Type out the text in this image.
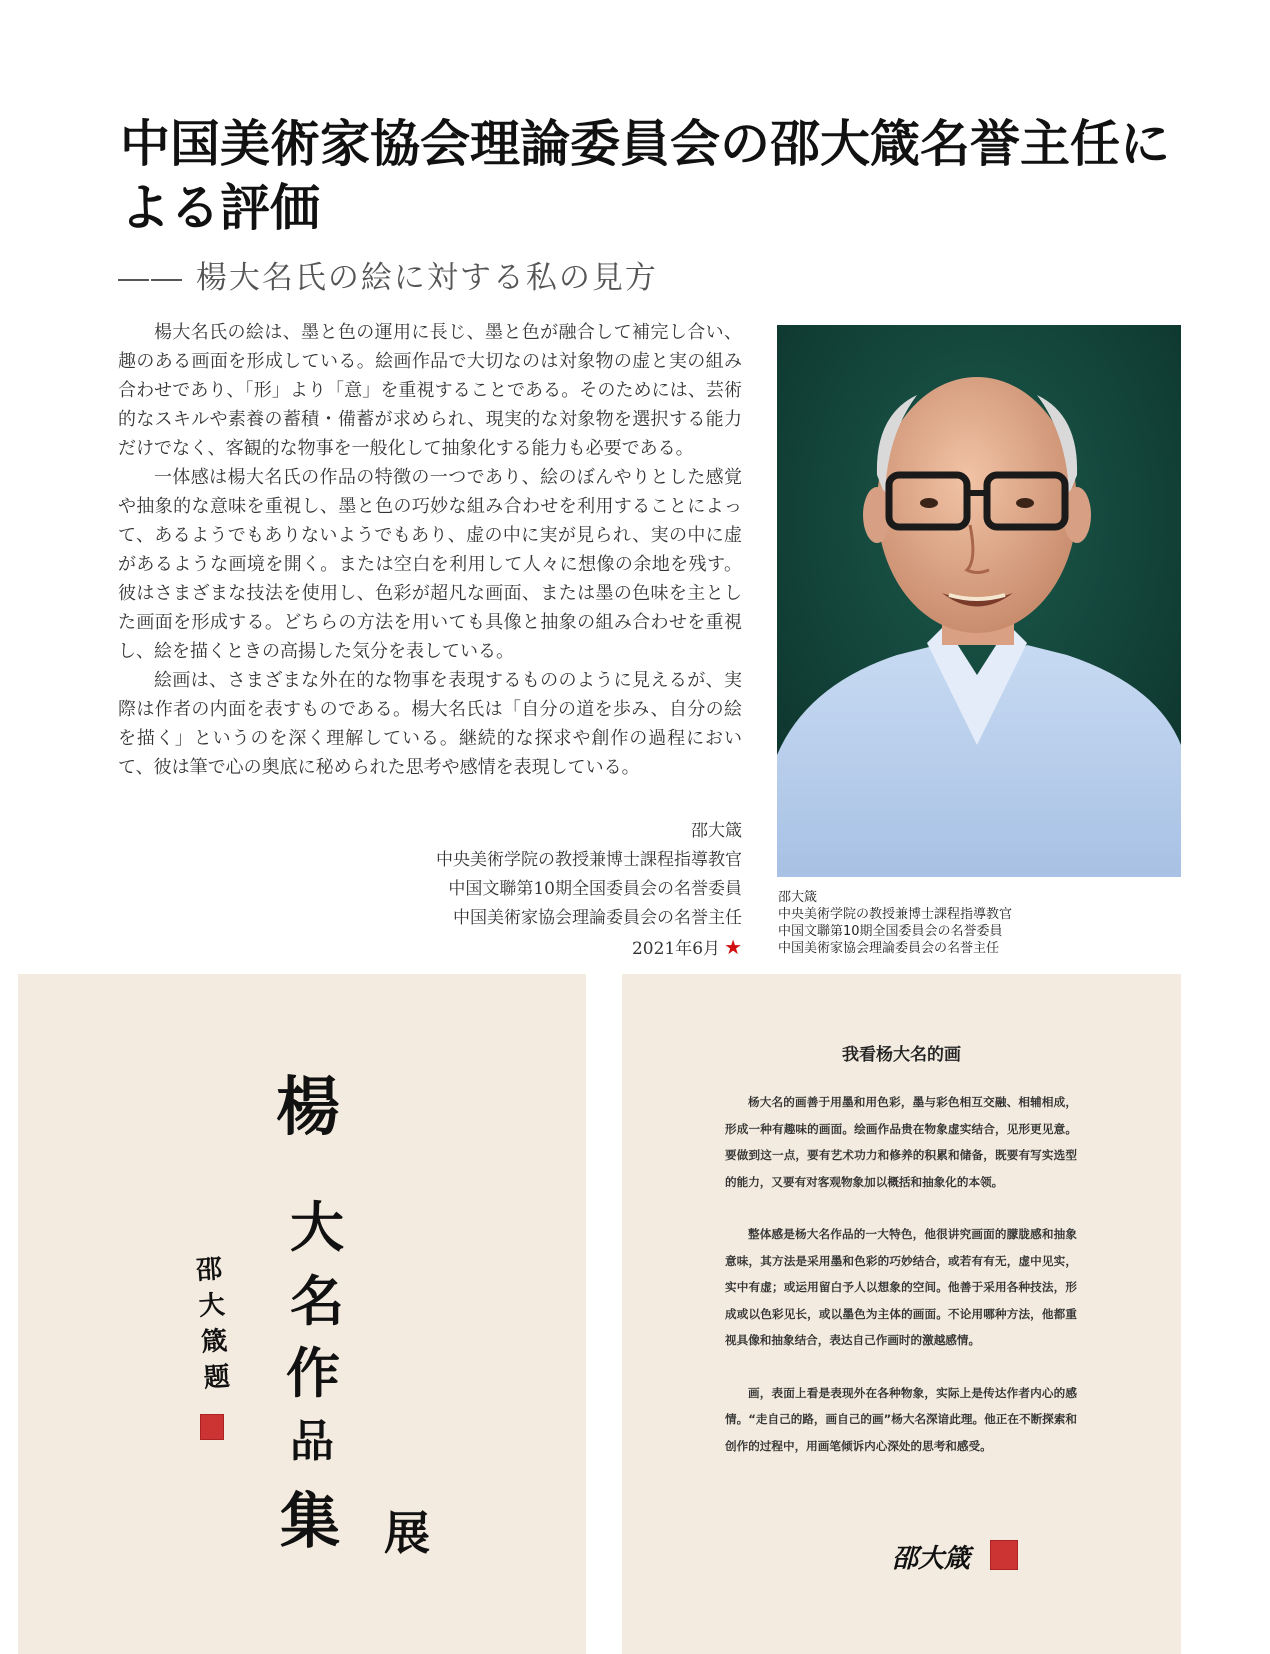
中国美術家協会理論委員会の邵大箴名誉主任による評価
―― 楊大名氏の絵に対する私の見方

楊大名氏の絵は、墨と色の運用に長じ、墨と色が融合して補完し合い、趣のある画面を形成している。絵画作品で大切なのは対象物の虚と実の組み合わせであり、「形」より「意」を重視することである。そのためには、芸術的なスキルや素養の蓄積・備蓄が求められ、現実的な対象物を選択する能力だけでなく、客観的な物事を一般化して抽象化する能力も必要である。

一体感は楊大名氏の作品の特徴の一つであり、絵のぼんやりとした感覚や抽象的な意味を重視し、墨と色の巧妙な組み合わせを利用することによって、あるようでもありないようでもあり、虚の中に実が見られ、実の中に虚があるような画境を開く。または空白を利用して人々に想像の余地を残す。彼はさまざまな技法を使用し、色彩が超凡な画面、または墨の色味を主とした画面を形成する。どちらの方法を用いても具像と抽象の組み合わせを重視し、絵を描くときの高揚した気分を表している。

絵画は、さまざまな外在的な物事を表現するもののように見えるが、実際は作者の内面を表すものである。楊大名氏は「自分の道を歩み、自分の絵を描く」というのを深く理解している。継続的な探求や創作の過程において、彼は筆で心の奥底に秘められた思考や感情を表現している。

邵大箴
中央美術学院の教授兼博士課程指導教官
中国文聯第10期全国委員会の名誉委員
中国美術家協会理論委員会の名誉主任
2021年6月 ★
邵大箴
中央美術学院の教授兼博士課程指導教官
中国文聯第10期全国委員会の名誉委員
中国美術家協会理論委員会の名誉主任
楊
大
名
作
品
集 展
邵大箴题
我看杨大名的画

杨大名的画善于用墨和用色彩，墨与彩色相互交融、相辅相成，形成一种有趣味的画面。绘画作品贵在物象虚实结合，见形更见意。要做到这一点，要有艺术功力和修养的积累和储备，既要有写实选型的能力，又要有对客观物象加以概括和抽象化的本领。

整体感是杨大名作品的一大特色，他很讲究画面的朦胧感和抽象意味，其方法是采用墨和色彩的巧妙结合，或若有有无，虚中见实，实中有虚；或运用留白予人以想象的空间。他善于采用各种技法，形成或以色彩见长，或以墨色为主体的画面。不论用哪种方法，他都重视具像和抽象结合，表达自己作画时的激越感情。

画，表面上看是表现外在各种物象，实际上是传达作者内心的感情。“走自己的路，画自己的画”杨大名深谙此理。他正在不断探索和创作的过程中，用画笔倾诉内心深处的思考和感受。

邵大箴
